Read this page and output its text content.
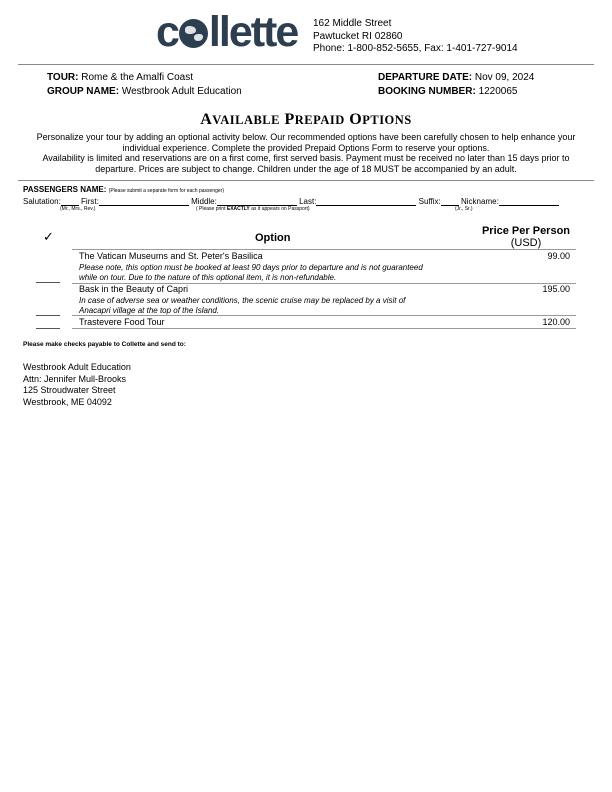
c llette 162 Middle Street
Pawtucket RI 02860
Phone: 1-800-852-5655, Fax: 1-401-727-9014
TOUR: Rome & the Amalfi Coast
GROUP NAME: Westbrook Adult Education
DEPARTURE DATE: Nov 09, 2024
BOOKING NUMBER: 1220065
AVAILABLE PREPAID OPTIONS
Personalize your tour by adding an optional activity below. Our recommended options have been carefully chosen to help enhance your
individual experience. Complete the provided Prepaid Options Form to reserve your options.
Availability is limited and reservations are on a first come, first served basis. Payment must be received no later than 15 days prior to
departure. Prices are subject to change. Children under the age of 18 MUST be accompanied by an adult.
PASSENGERS NAME: (Please submit a separate form for each passenger)
Salutation:	First:	Middle:	Last:	Suffix:	Nickname:
(Mr., Mrs., Rev.)	( Please print EXACTLY as it appears on Passport)	(Jr., Sr.)
✓	Option
Price Per Person
(USD)
The Vatican Museums and St. Peter's Basilica	99.00
Please note, this option must be booked at least 90 days prior to departure and is not guaranteed
while on tour. Due to the nature of this optional item, it is non-refundable.
Bask in the Beauty of Capri	195.00
In case of adverse sea or weather conditions, the scenic cruise may be replaced by a visit of
Anacapri village at the top of the Island.
Trastevere Food Tour	120.00
Please make checks payable to Collette and send to:
Westbrook Adult Education
Attn: Jennifer Mull-Brooks
125 Stroudwater Street
Westbrook, ME 04092
